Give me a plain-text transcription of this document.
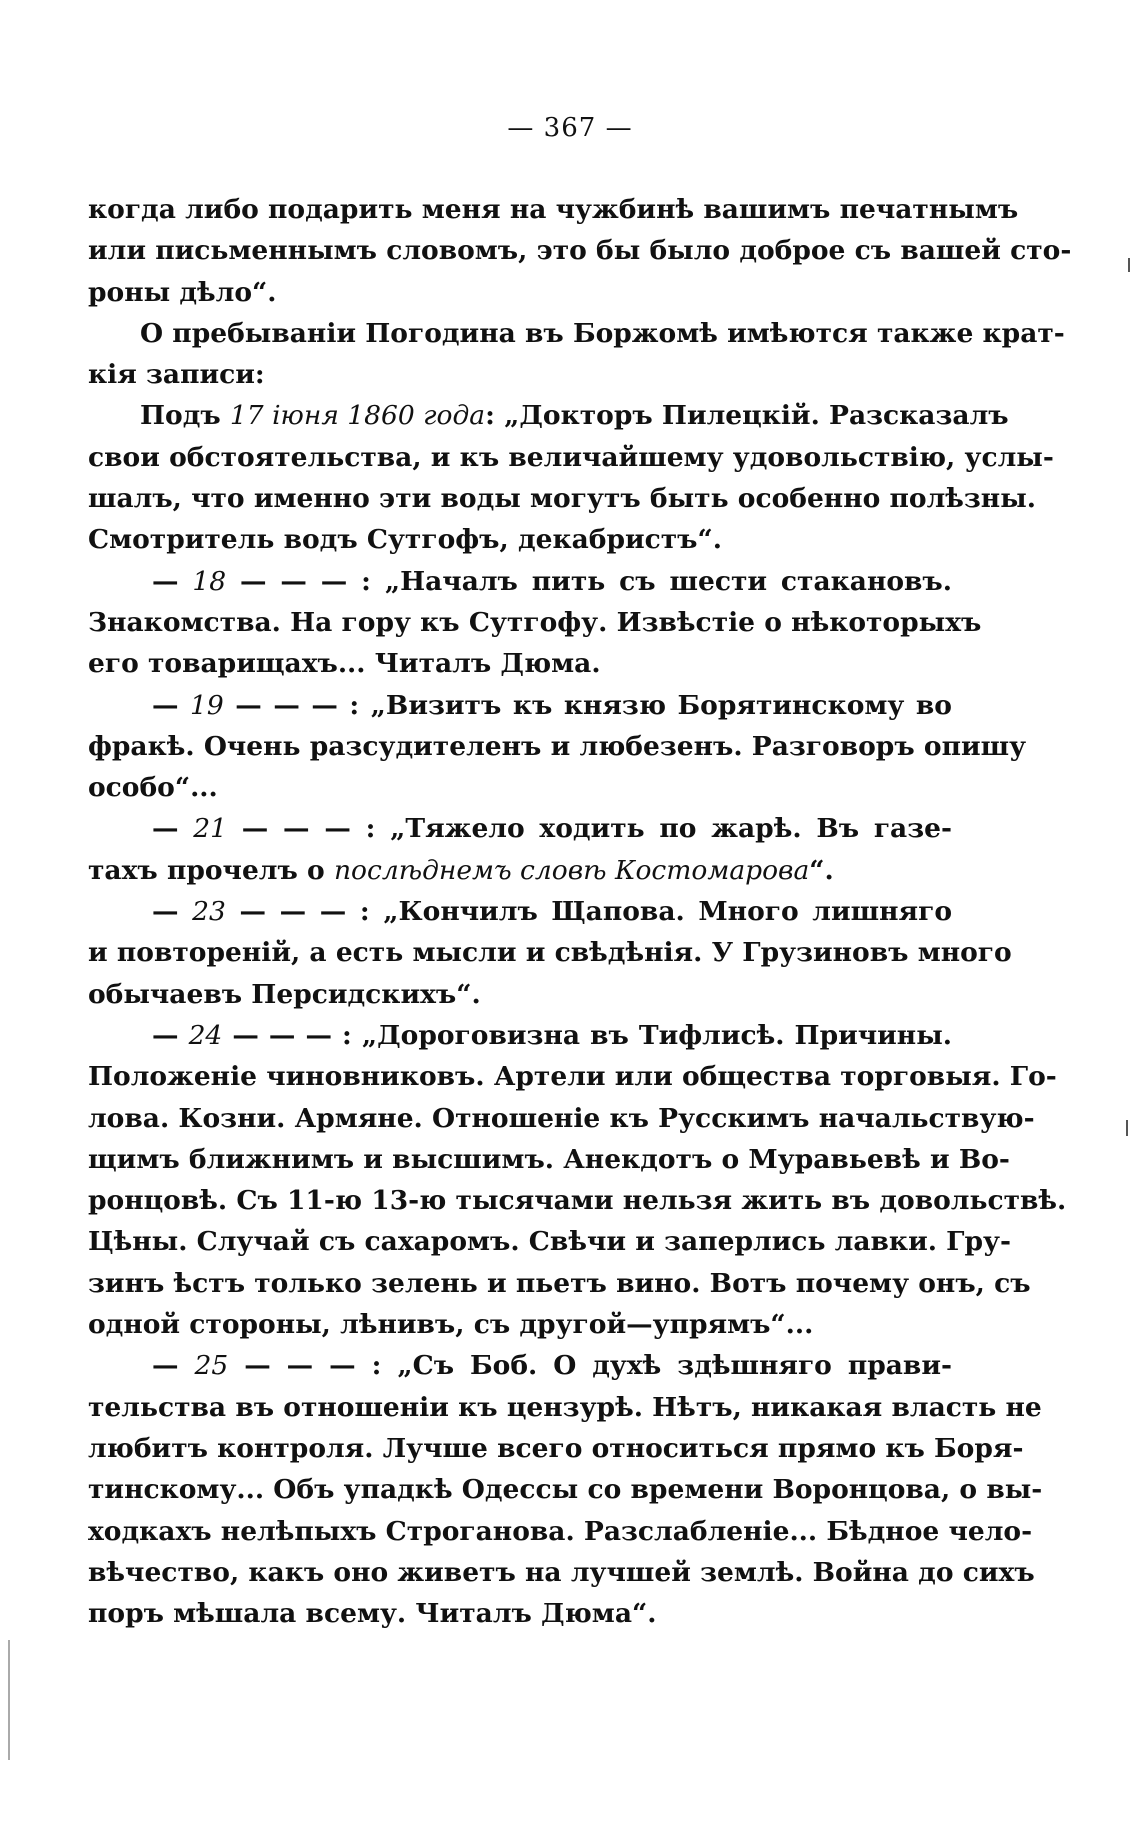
— 367 —
когда либо подарить меня на чужбинѣ вашимъ печатнымъ
или письменнымъ словомъ, это бы было доброе съ вашей сто-
роны дѣло“.
О пребываніи Погодина въ Боржомѣ имѣются также крат-
кія записи:
Подъ 17 іюня 1860 года: „Докторъ Пилецкій. Разсказалъ
свои обстоятельства, и къ величайшему удовольствію, услы-
шалъ, что именно эти воды могутъ быть особенно полѣзны.
Смотритель водъ Сутгофъ, декабристъ“.
— 18 — — — : „Началъ пить съ шести стакановъ.
Знакомства. На гору къ Сутгофу. Извѣстіе о нѣкоторыхъ
его товарищахъ... Читалъ Дюма.
— 19 — — — : „Визитъ къ князю Борятинскому во
фракѣ. Очень разсудителенъ и любезенъ. Разговоръ опишу
особо“...
— 21 — — — : „Тяжело ходить по жарѣ. Въ газе-
тахъ прочелъ о послѣднемъ словѣ Костомарова“.
— 23 — — — : „Кончилъ Щапова. Много лишняго
и повтореній, а есть мысли и свѣдѣнія. У Грузиновъ много
обычаевъ Персидскихъ“.
— 24 — — — : „Дороговизна въ Тифлисѣ. Причины.
Положеніе чиновниковъ. Артели или общества торговыя. Го-
лова. Козни. Армяне. Отношеніе къ Русскимъ начальствую-
щимъ ближнимъ и высшимъ. Анекдотъ о Муравьевѣ и Во-
ронцовѣ. Съ 11-ю 13-ю тысячами нельзя жить въ довольствѣ.
Цѣны. Случай съ сахаромъ. Свѣчи и заперлись лавки. Гру-
зинъ ѣстъ только зелень и пьетъ вино. Вотъ почему онъ, съ
одной стороны, лѣнивъ, съ другой—упрямъ“...
— 25 — — — : „Съ Боб. О духѣ здѣшняго прави-
тельства въ отношеніи къ цензурѣ. Нѣтъ, никакая власть не
любитъ контроля. Лучше всего относиться прямо къ Боря-
тинскому... Объ упадкѣ Одессы со времени Воронцова, о вы-
ходкахъ нелѣпыхъ Строганова. Разслабленіе... Бѣдное чело-
вѣчество, какъ оно живетъ на лучшей землѣ. Война до сихъ
поръ мѣшала всему. Читалъ Дюма“.
